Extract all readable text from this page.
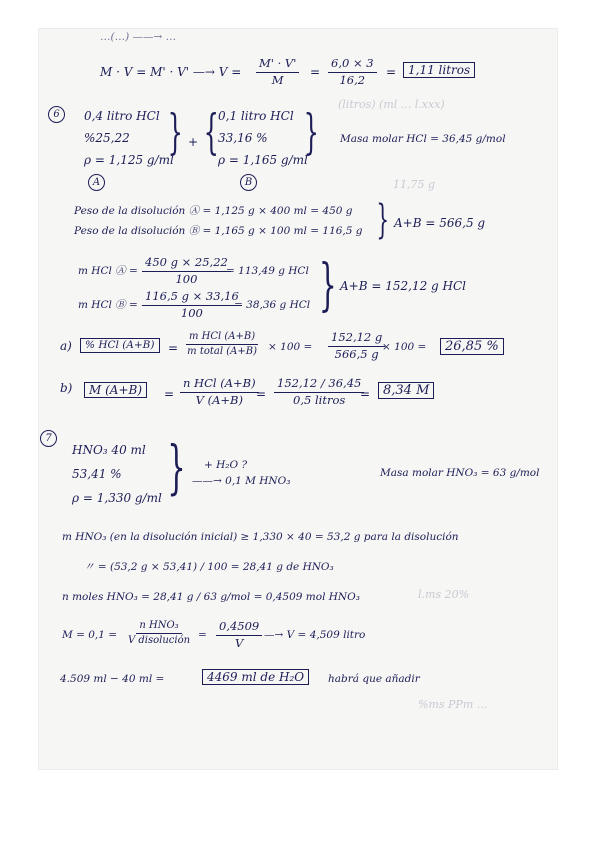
(litros) (ml ... l.xxx)
11,75 g
l.ms 20%
%ms PPm ...
…(…) ——→ …
M · V = M' · V' —→ $V = \frac{M' \cdot V'}{M} = \frac{6,0 \times 3}{16,2} = 1,11$ litros
6	0,4 litro HCl
%25,22
ρ = 1,125 g/ml
A
} + { 0,1 litro HCl
33,16 %
ρ = 1,165 g/ml
B
} Masa molar HCl = 36,45 g/mol
Peso de la disolución Ⓐ = 1,125 g × 400 ml = 450 g
Peso de la disolución Ⓑ = 1,165 g × 100 ml = 116,5 g } A+B = 566,5 g
m HCl Ⓐ = $\frac{450 g \times 25,22}{100}$
= 113,49 g HCl
m HCl Ⓑ = $\frac{116,5 g \times 33,16}{100}$
= 38,36 g HCl } A+B = 152,12 g HCl
a)	% HCl (A+B)	=
m HCl (A+B)
m total $(A+B) \times 100 = \frac{152,12 g}{566,5 g}$
× 100 =	26,85 %
b)	M (A+B)	=
n HCl (A+B)
V (A+B) =
152,12 / 36,45
0,5 litros = 8,34 M
7
HNO₃ 40 ml
53,41 %
ρ = 1,330 g/ml } + H₂O ?
——→ 0,1 M HNO₃
Masa molar HNO₃ = 63 g/mol
m HNO₃ (en la disolución inicial) ≥ 1,330 × 40 = 53,2 g para la disolución
〃 = (53,2 g × 53,41) / 100 = 28,41 g de HNO₃
n moles HNO₃ = 28,41 g / 63 g/mol = 0,4509 mol HNO₃
M = 0,1 =
n HNO₃
V disolución = $\frac{0,4509}{V}$ —→ V = 4,509 litro
4.509 ml − 40 ml =	4469 ml de H₂O	habrá que añadir
